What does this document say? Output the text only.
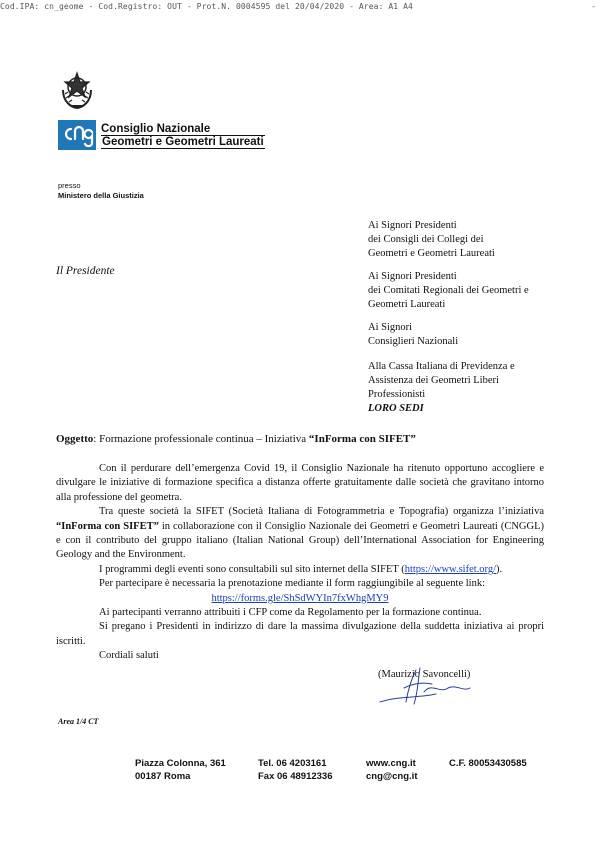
Cod.IPA: cn_geome - Cod.Registro: OUT - Prot.N. 0004595 del 20/04/2020 - Area: A1 A4	-
Consiglio Nazionale
Geometri e Geometri Laureati
presso
Ministero della Giustizia
Il Presidente
Ai Signori Presidenti
dei Consigli dei Collegi dei
Geometri e Geometri Laureati
Ai Signori Presidenti
dei Comitati Regionali dei Geometri e
Geometri Laureati
Ai Signori
Consiglieri Nazionali
Alla Cassa Italiana di Previdenza e
Assistenza dei Geometri Liberi
Professionisti
LORO SEDI
Oggetto: Formazione professionale continua – Iniziativa “InForma con SIFET”

Con il perdurare dell’emergenza Covid 19, il Consiglio Nazionale ha ritenuto opportuno accogliere e divulgare le iniziative di formazione specifica a distanza offerte gratuitamente dalle società che gravitano intorno alla professione del geometra.

Tra queste società la SIFET (Società Italiana di Fotogrammetria e Topografia) organizza l’iniziativa “InForma con SIFET” in collaborazione con il Consiglio Nazionale dei Geometri e Geometri Laureati (CNGGL) e con il contributo del gruppo italiano (Italian National Group) dell’International Association for Engineering Geology and the Environment.

I programmi degli eventi sono consultabili sul sito internet della SIFET (https://www.sifet.org/).

Per partecipare è necessaria la prenotazione mediante il form raggiungibile al seguente link:

https://forms.gle/ShSdWYIn7fxWhgMY9

Ai partecipanti verranno attribuiti i CFP come da Regolamento per la formazione continua.

Si pregano i Presidenti in indirizzo di dare la massima divulgazione della suddetta iniziativa ai propri iscritti.

Cordiali saluti

(Maurizio Savoncelli)
Area 1/4 CT
Piazza Colonna, 361
00187 Roma
Tel. 06 4203161
Fax 06 48912336
www.cng.it
cng@cng.it
C.F. 80053430585
